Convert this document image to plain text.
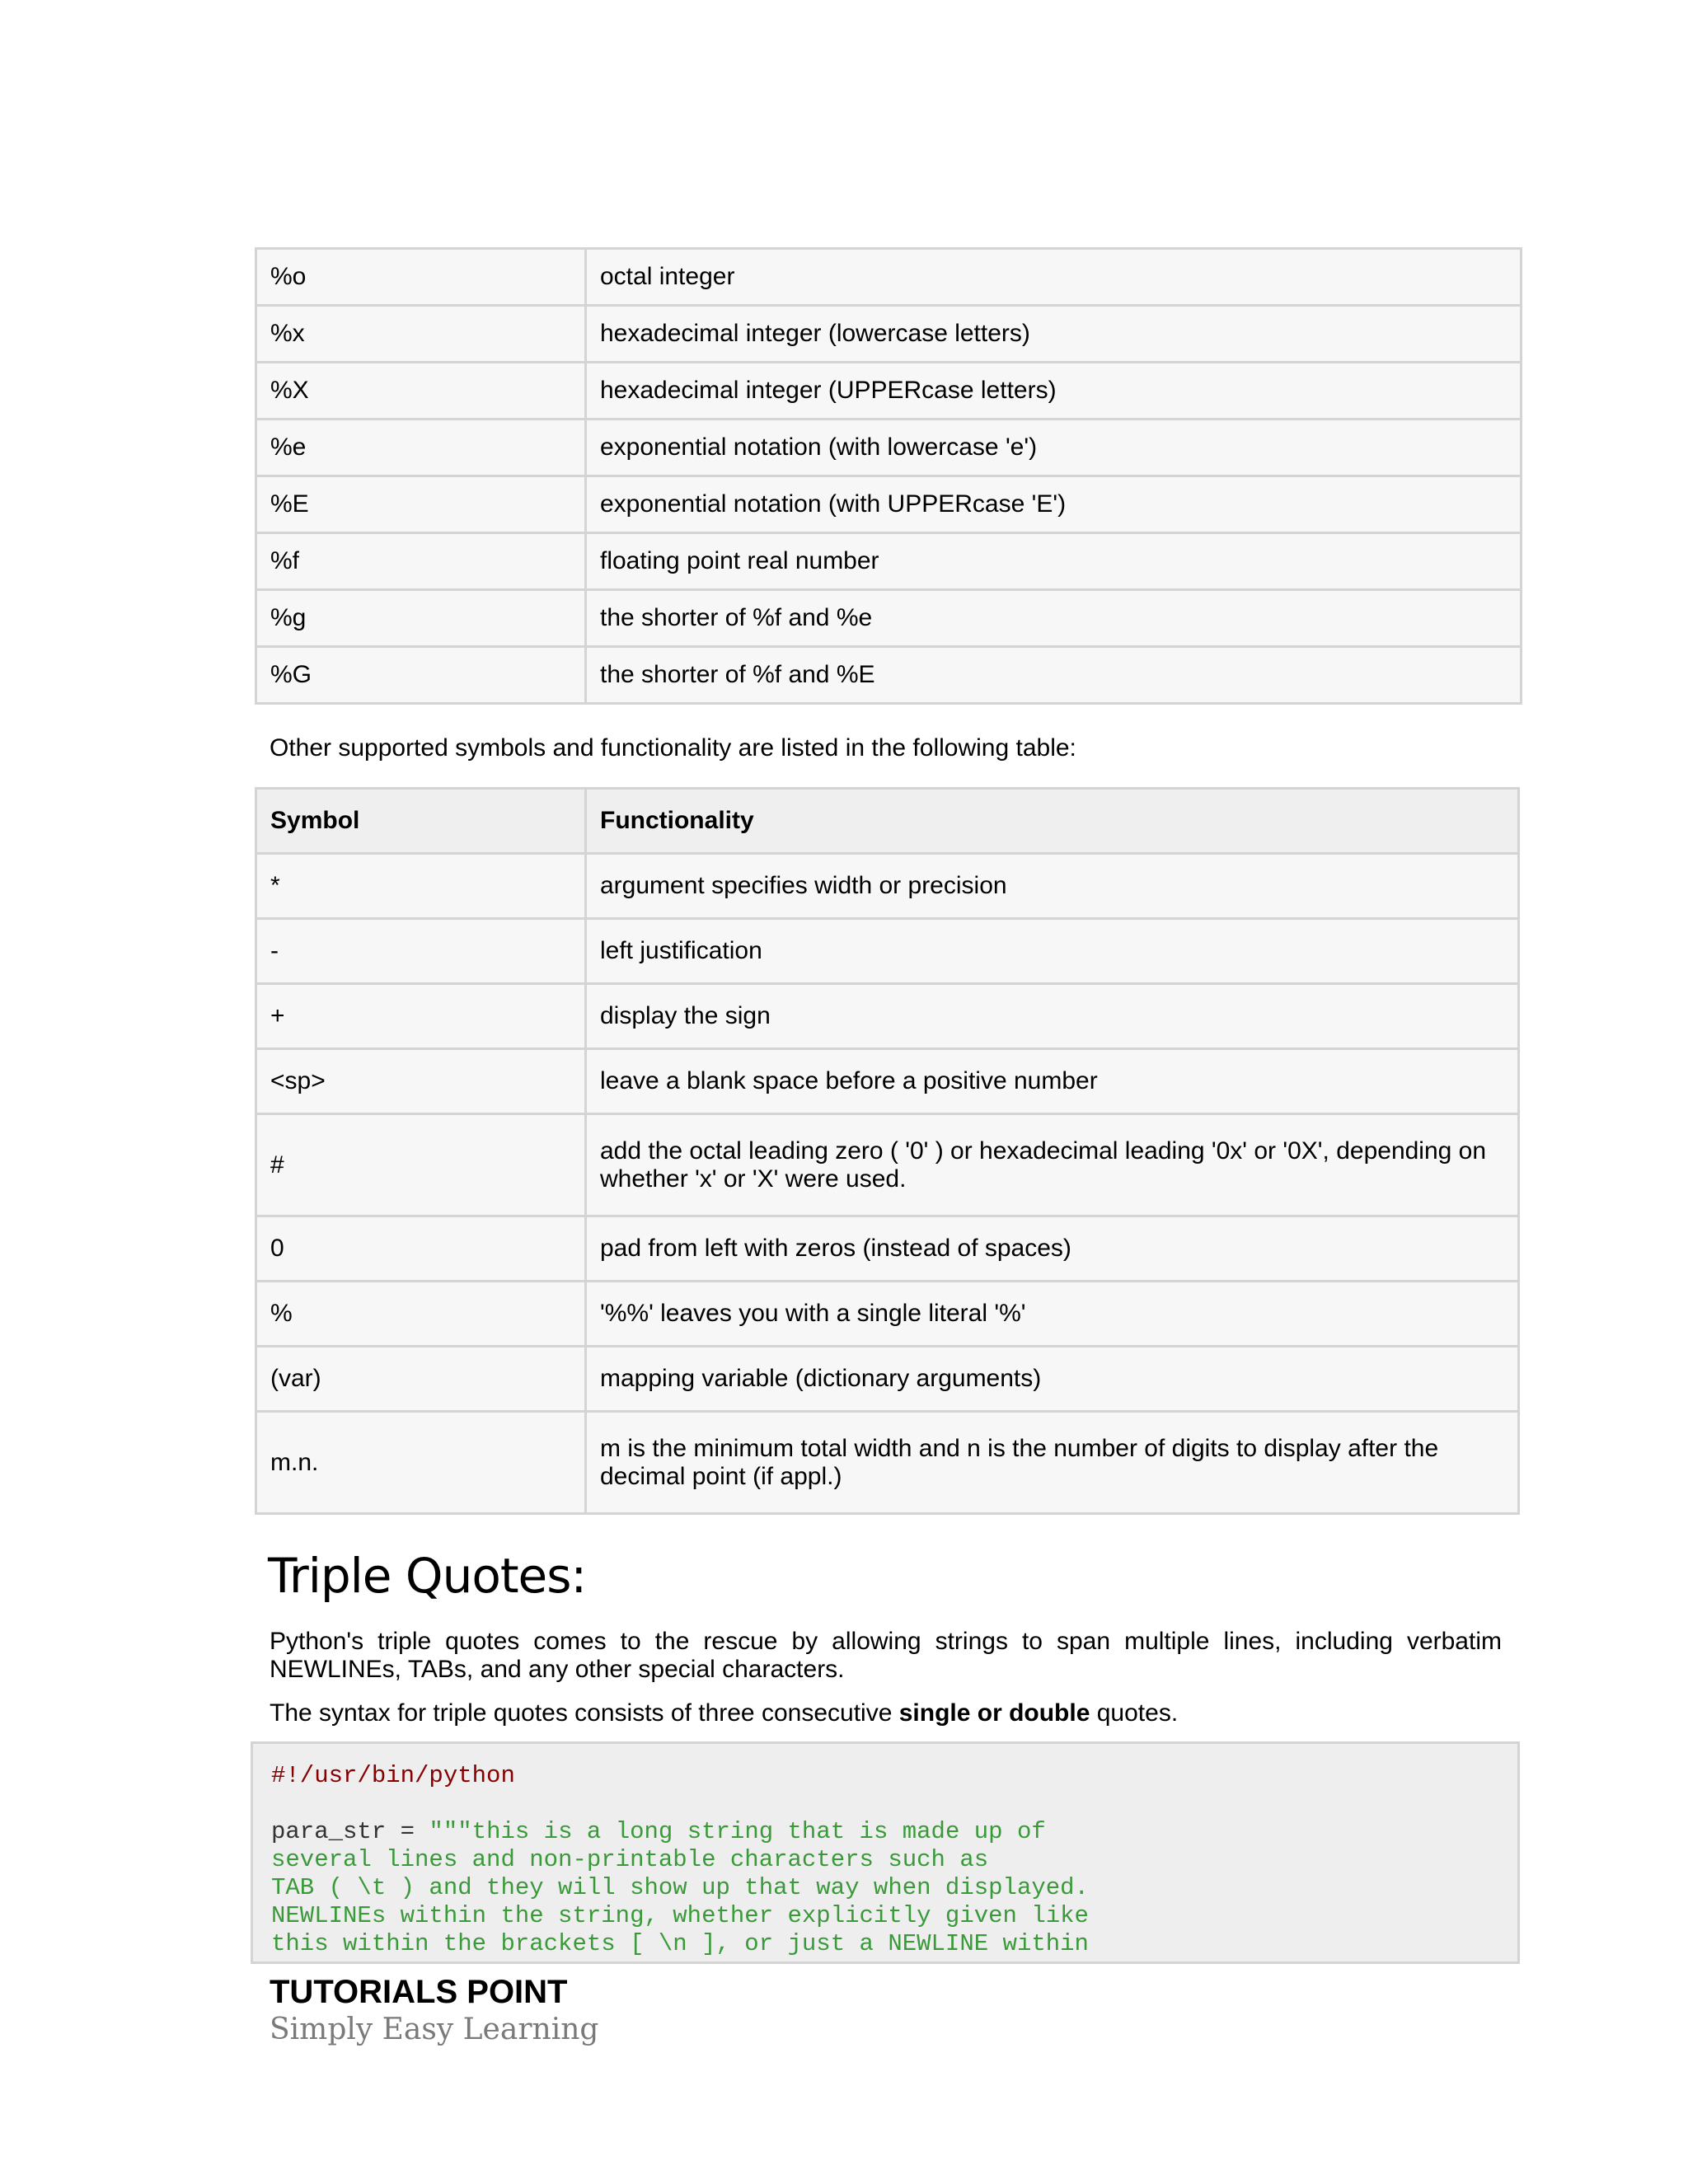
%o	octal integer
%x	hexadecimal integer (lowercase letters)
%X	hexadecimal integer (UPPERcase letters)
%e	exponential notation (with lowercase 'e')
%E	exponential notation (with UPPERcase 'E')
%f	floating point real number
%g	the shorter of %f and %e
%G	the shorter of %f and %E

Other supported symbols and functionality are listed in the following table:

Symbol	Functionality
*	argument specifies width or precision
-	left justification
+	display the sign
<sp>	leave a blank space before a positive number
#	add the octal leading zero ( '0' ) or hexadecimal leading '0x' or '0X', depending on whether 'x' or 'X' were used.
0	pad from left with zeros (instead of spaces)
%	'%%' leaves you with a single literal '%'
(var)	mapping variable (dictionary arguments)
m.n.	m is the minimum total width and n is the number of digits to display after the decimal point (if appl.)
Triple Quotes:

Python's triple quotes comes to the rescue by allowing strings to span multiple lines, including verbatim NEWLINEs, TABs, and any other special characters.

The syntax for triple quotes consists of three consecutive single or double quotes.

#!/usr/bin/python

para_str = """this is a long string that is made up of
several lines and non-printable characters such as
TAB ( \t ) and they will show up that way when displayed.
NEWLINEs within the string, whether explicitly given like
this within the brackets [ \n ], or just a NEWLINE within
TUTORIALS POINT
Simply Easy Learning
